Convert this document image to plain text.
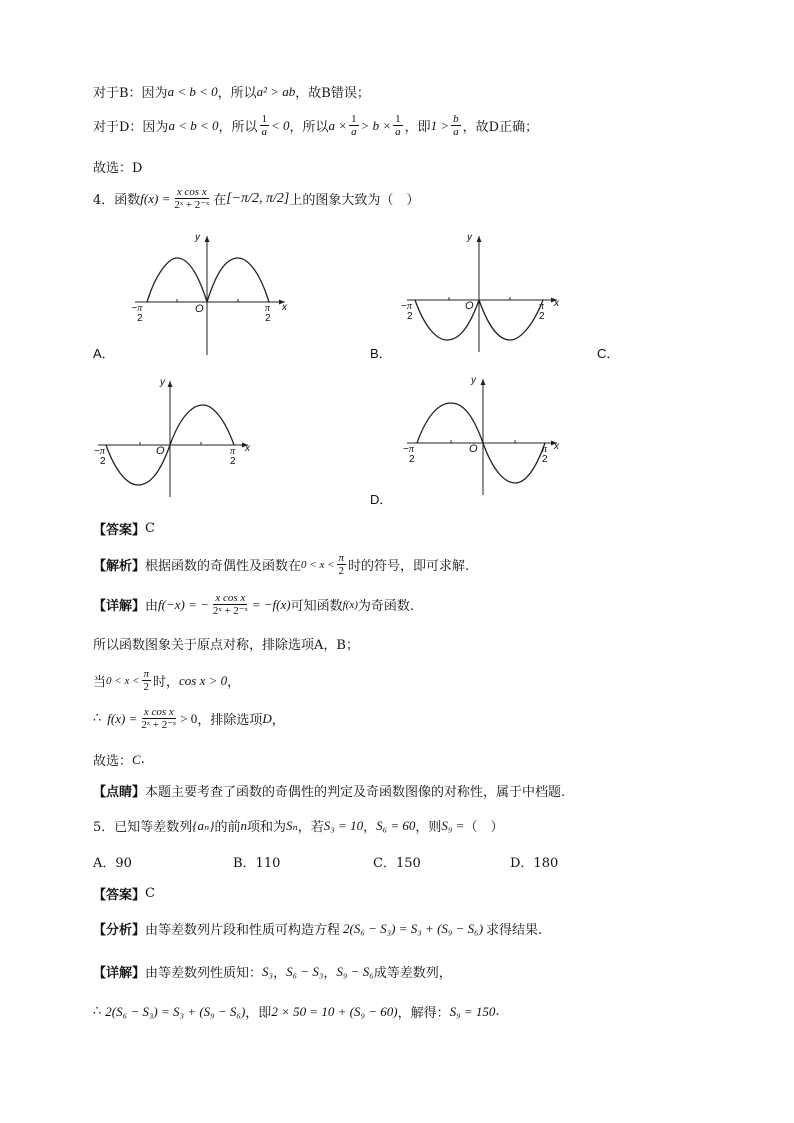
对于B：因为 a < b < 0 ，所以 a² > ab ，故B错误；
对于D：因为 a < b < 0 ，所以 $\frac{1}{a} < 0$ ，所以 $a \times \frac{1}{a} > b \times \frac{1}{a}$ ，即 $1 > \frac{b}{a}$ ，故D正确；
故选：D
4．函数 $f(x) = \frac{\text{x cos x}}{\text{2ˣ + 2⁻ˣ}}$ 在 [−π/2, π/2] 上的图象大致为（　）
y
x
O
−π
2
π
2
A．
y
x
O
−π
2
π
2
B．	C．
y
x
O
−π
2
π
2
y
x
O
−π
2
π
2
D．
【答案】 C
【解析】 根据函数的奇偶性及函数在 $0 < x < \frac{\pi}{2}$ 时的符号，即可求解.
【详解】 由 f(−x) = − $\frac{\text{x cos x}}{\text{2ˣ + 2⁻ˣ}} = -f(x)$ 可知函数 f(x) 为奇函数.
所以函数图象关于原点对称，排除选项A，B；
当 $0 < x < \frac{\pi}{2}$ 时， cos x > 0 ，
∴ $f(x) = \frac{\text{x cos x}}{\text{2ˣ + 2⁻ˣ}} > 0$ ，排除选项 D ，
故选： C .
【点睛】 本题主要考查了函数的奇偶性的判定及奇函数图像的对称性，属于中档题.
5．已知等差数列 {aₙ} 的前 n 项和为 Sₙ ，若 S₃ = 10 ， S₆ = 60 ，则 S₉ = （　）
A．90	B．110	C．150	D．180
【答案】 C
【分析】 由等差数列片段和性质可构造方程 2(S₆ − S₃) = S₃ + (S₉ − S₆) 求得结果.
【详解】 由等差数列性质知： S₃ ， S₆ − S₃ ， S₉ − S₆ 成等差数列，
∴ 2(S₆ − S₃) = S₃ + (S₉ − S₆) ，即 2 × 50 = 10 + (S₉ − 60) ，解得： S₉ = 150 .
